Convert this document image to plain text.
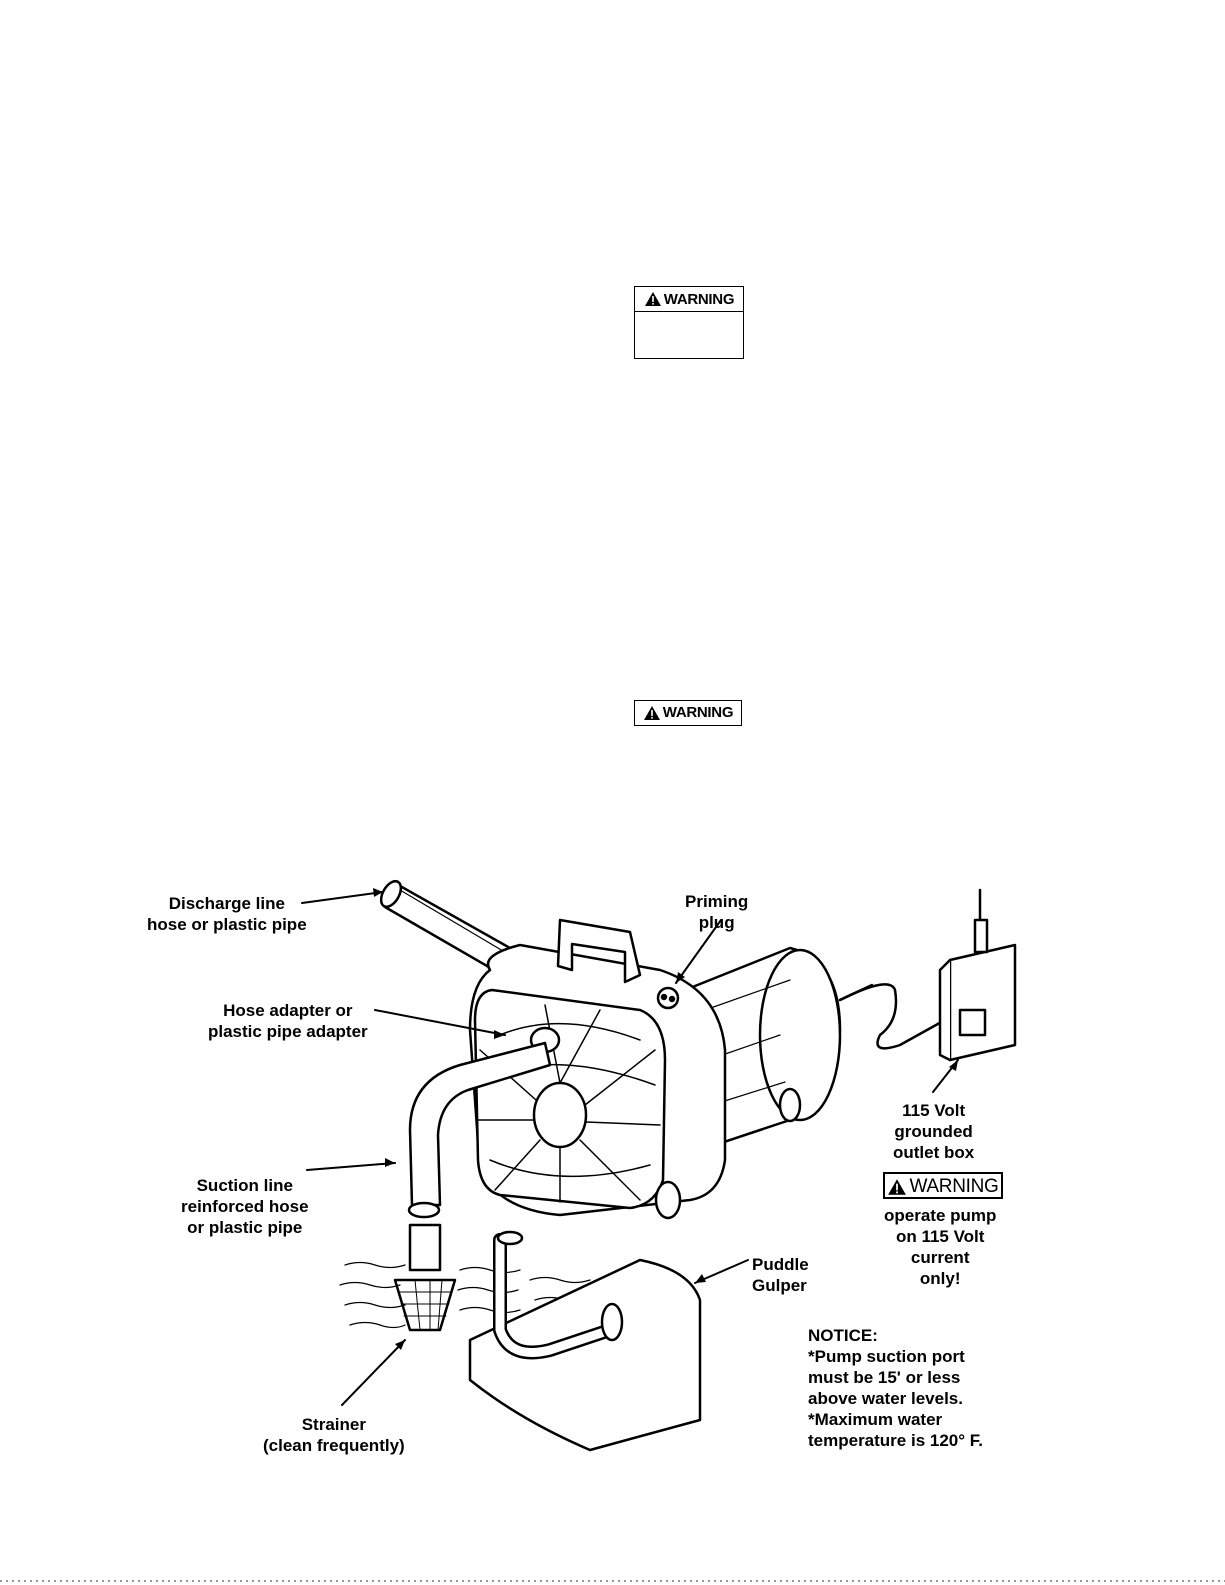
WARNING
WARNING
Discharge line
hose or plastic pipe
Priming
plug
Hose adapter or
plastic pipe adapter
Suction line
reinforced hose
or plastic pipe
Strainer
(clean frequently)
Puddle
Gulper
115 Volt
grounded
outlet box
WARNING
operate pump
on 115 Volt
current
only!
NOTICE:
*Pump suction port
must be 15' or less
above water levels.
*Maximum water
temperature is 120° F.
